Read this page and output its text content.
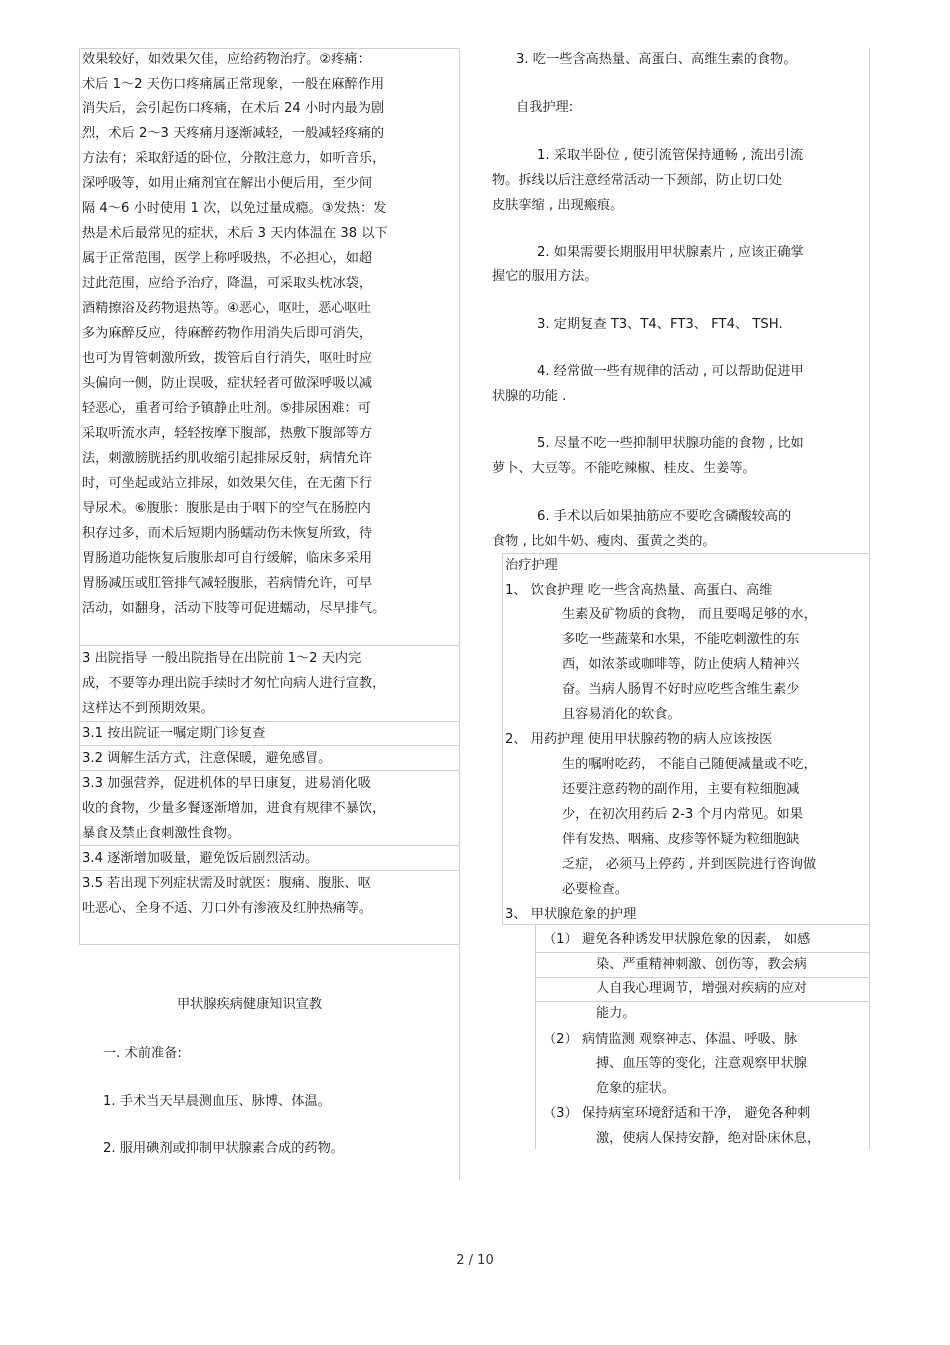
效果较好，如效果欠佳，应给药物治疗。②疼痛：
术后 1～2 天伤口疼痛属正常现象，一般在麻醉作用
消失后，会引起伤口疼痛，在术后 24 小时内最为剧
烈，术后 2～3 天疼痛月逐渐减轻，一般减轻疼痛的
方法有；采取舒适的卧位，分散注意力，如听音乐，
深呼吸等，如用止痛剂宜在解出小便后用，至少间
隔 4～6 小时使用 1 次，以免过量成瘾。③发热：发
热是术后最常见的症状，术后 3 天内体温在 38 以下
属于正常范围，医学上称呼吸热，不必担心，如超
过此范围，应给予治疗，降温，可采取头枕冰袋，
酒精擦浴及药物退热等。④恶心，呕吐，恶心呕吐
多为麻醉反应，待麻醉药物作用消失后即可消失，
也可为胃管刺激所致，拨管后自行消失，呕吐时应
头偏向一侧，防止误吸，症状轻者可做深呼吸以减
轻恶心，重者可给予镇静止吐剂。⑤排尿困难：可
采取听流水声，轻轻按摩下腹部，热敷下腹部等方
法，刺激膀胱括约肌收缩引起排尿反射，病情允许
时，可坐起或站立排尿，如效果欠佳，在无菌下行
导尿术。⑥腹胀：腹胀是由于咽下的空气在肠腔内
积存过多，而术后短期内肠蠕动伤未恢复所致，待
胃肠道功能恢复后腹胀却可自行缓解，临床多采用
胃肠减压或肛管排气减轻腹胀，若病情允许，可早
活动，如翻身，活动下肢等可促进蠕动，尽早排气。
3 出院指导 一般出院指导在出院前 1～2 天内完
成，不要等办理出院手续时才匆忙向病人进行宣教，
这样达不到预期效果。
3.1 按出院证一嘱定期门诊复查
3.2 调解生活方式，注意保暖，避免感冒。
3.3 加强营养，促进机体的早日康复，进易消化吸
收的食物，少量多餐逐渐增加，进食有规律不暴饮，
暴食及禁止食刺激性食物。
3.4 逐渐增加吸量，避免饭后剧烈活动。
3.5 若出现下列症状需及时就医：腹痛、腹胀、呕
吐恶心、全身不适、刀口外有渗液及红肿热痛等。
甲状腺疾病健康知识宣教
一. 术前准备:
1. 手术当天早晨测血压、脉博、体温。
2. 服用碘剂或抑制甲状腺素合成的药物。
3. 吃一些含高热量、高蛋白、高维生素的食物。
自我护理:
1. 采取半卧位 , 使引流管保持通畅 , 流出引流
物。拆线以后注意经常活动一下颈部，防止切口处
皮肤挛缩 , 出现瘢痕。
2. 如果需要长期服用甲状腺素片 , 应该正确掌
握它的服用方法。
3. 定期复查 T3、T4、FT3、 FT4、 TSH.
4. 经常做一些有规律的活动 , 可以帮助促进甲
状腺的功能 .
5. 尽量不吃一些抑制甲状腺功能的食物 , 比如
萝卜、大豆等。不能吃辣椒、桂皮、生姜等。
6. 手术以后如果抽筋应不要吃含磷酸较高的
食物 , 比如牛奶、瘦肉、蛋黄之类的。
治疗护理
1、 饮食护理 吃一些含高热量、高蛋白、高维
生素及矿物质的食物， 而且要喝足够的水，
多吃一些蔬菜和水果，不能吃刺激性的东
西，如浓茶或咖啡等，防止使病人精神兴
奋。当病人肠胃不好时应吃些含维生素少
且容易消化的软食。
2、 用药护理 使用甲状腺药物的病人应该按医
生的嘱咐吃药， 不能自己随便减量或不吃，
还要注意药物的副作用，主要有粒细胞减
少，在初次用药后 2-3 个月内常见。如果
伴有发热、咽痛、皮疹等怀疑为粒细胞缺
乏症， 必须马上停药 , 并到医院进行咨询做
必要检查。
3、 甲状腺危象的护理
（1） 避免各种诱发甲状腺危象的因素， 如感
染、严重精神刺激、创伤等，教会病
人自我心理调节，增强对疾病的应对
能力。
（2） 病情监测 观察神志、体温、呼吸、脉
搏、血压等的变化，注意观察甲状腺
危象的症状。
（3） 保持病室环境舒适和干净， 避免各种刺
激，使病人保持安静，绝对卧床休息，
2 / 10
